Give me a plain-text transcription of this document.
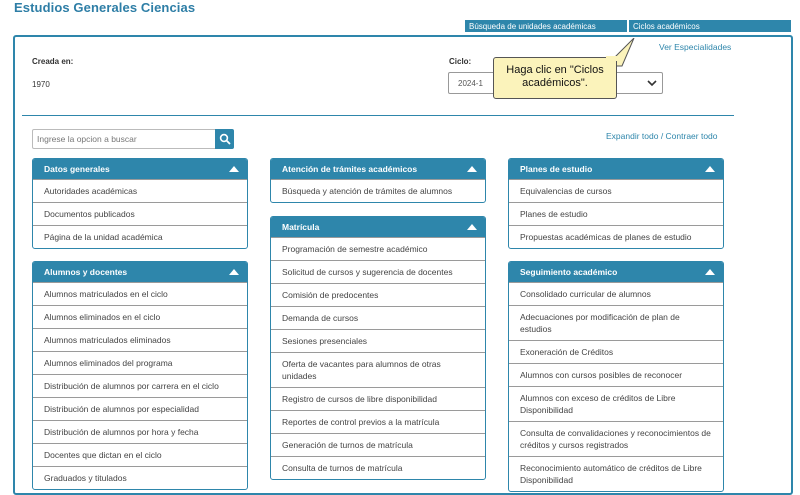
Estudios Generales Ciencias
Búsqueda de unidades académicas	Ciclos académicos
Creada en:
1970
Ciclo:
Ver Especialidades
2024-1
Ingrese la opcion a buscar
Expandir todo / Contraer todo
Datos generales
Autoridades académicas
Documentos publicados
Página de la unidad académica
Alumnos y docentes
Alumnos matriculados en el ciclo
Alumnos eliminados en el ciclo
Alumnos matriculados eliminados
Alumnos eliminados del programa
Distribución de alumnos por carrera en el ciclo
Distribución de alumnos por especialidad
Distribución de alumnos por hora y fecha
Docentes que dictan en el ciclo
Graduados y titulados
Atención de trámites académicos
Búsqueda y atención de trámites de alumnos
Matrícula
Programación de semestre académico
Solicitud de cursos y sugerencia de docentes
Comisión de predocentes
Demanda de cursos
Sesiones presenciales
Oferta de vacantes para alumnos de otras unidades
Registro de cursos de libre disponibilidad
Reportes de control previos a la matrícula
Generación de turnos de matrícula
Consulta de turnos de matrícula
Planes de estudio
Equivalencias de cursos
Planes de estudio
Propuestas académicas de planes de estudio
Seguimiento académico
Consolidado curricular de alumnos
Adecuaciones por modificación de plan de estudios
Exoneración de Créditos
Alumnos con cursos posibles de reconocer
Alumnos con exceso de créditos de Libre Disponibilidad
Consulta de convalidaciones y reconocimientos de créditos y cursos registrados
Reconocimiento automático de créditos de Libre Disponibilidad
Haga clic en "Ciclos académicos".
